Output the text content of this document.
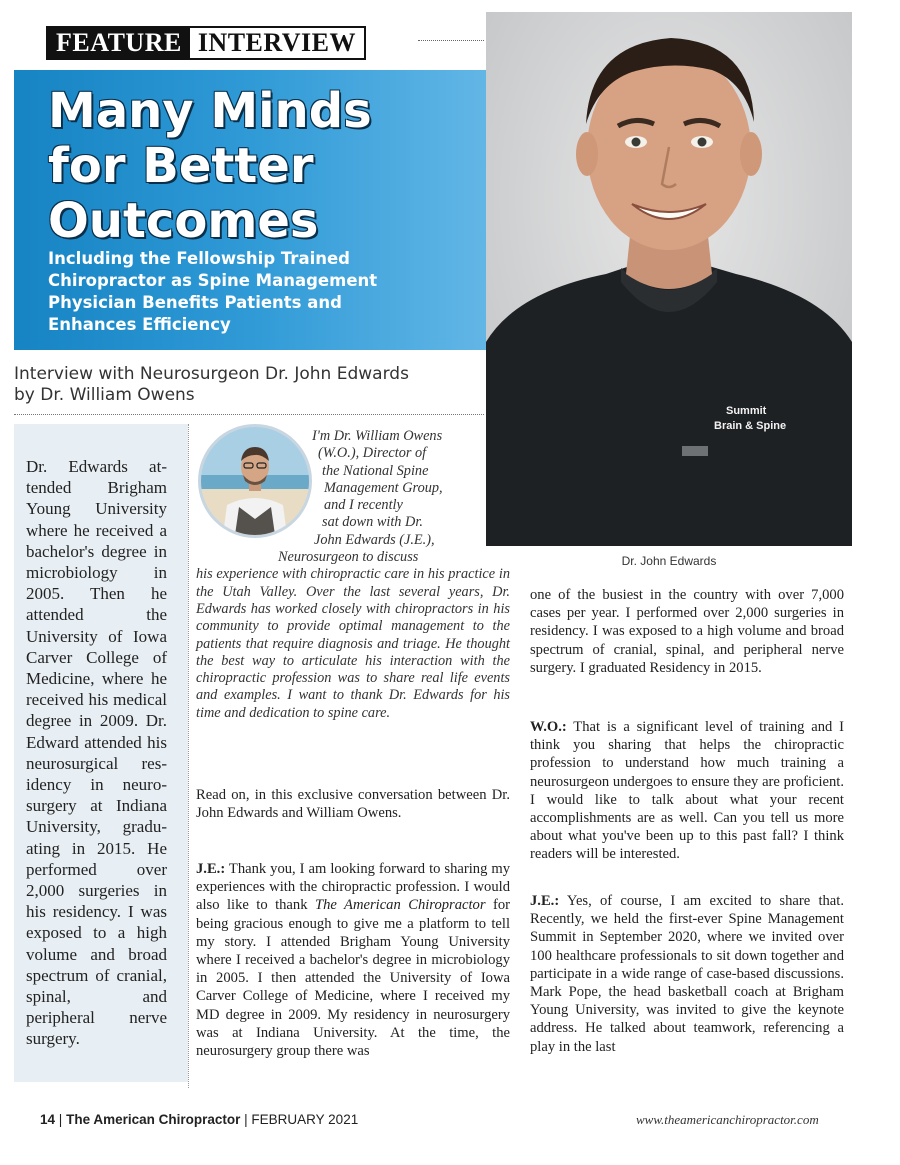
FEATURE INTERVIEW
Many Minds
for Better
Outcomes
Including the Fellowship Trained
Chiropractor as Spine Management
Physician Benefits Patients and
Enhances Efficiency
Summit
Brain & Spine
Dr. John Edwards
Interview with Neurosurgeon Dr. John Edwards
by Dr. William Owens
Dr. Edwards attended Brigham Young University where he received a bachelor's degree in microbiology in 2005. Then he attended the University of Iowa Carver College of Medicine, where he received his medical degree in 2009. Dr. Edward attended his neurosurgical residency in neurosurgery at Indiana University, graduating in 2015. He performed over 2,000 surgeries in his residency. I was exposed to a high volume and broad spectrum of cranial, spinal, and peripheral nerve surgery.
I'm Dr. William Owens
(W.O.), Director of
the National Spine
Management Group,
and I recently
sat down with Dr.
John Edwards (J.E.),
Neurosurgeon to discuss
his experience with chiropractic care in his practice in the Utah Valley. Over the last several years, Dr. Edwards has worked closely with chiropractors in his community to provide optimal management to the patients that require diagnosis and triage. He thought the best way to articulate his interaction with the chiropractic profession was to share real life events and examples. I want to thank Dr. Edwards for his time and dedication to spine care.

Read on, in this exclusive conversation between Dr. John Edwards and William Owens.

J.E.: Thank you, I am looking forward to sharing my experiences with the chiropractic profession. I would also like to thank The American Chiropractor for being gracious enough to give me a platform to tell my story. I attended Brigham Young University where I received a bachelor's degree in microbiology in 2005. I then attended the University of Iowa Carver College of Medicine, where I received my MD degree in 2009. My residency in neurosurgery was at Indiana University. At the time, the neurosurgery group there was

one of the busiest in the country with over 7,000 cases per year. I performed over 2,000 surgeries in residency. I was exposed to a high volume and broad spectrum of cranial, spinal, and peripheral nerve surgery. I graduated Residency in 2015.

W.O.: That is a significant level of training and I think you sharing that helps the chiropractic profession to understand how much training a neurosurgeon undergoes to ensure they are proficient. I would like to talk about what your recent accomplishments are as well. Can you tell us more about what you've been up to this past fall? I think readers will be interested.

J.E.: Yes, of course, I am excited to share that. Recently, we held the first-ever Spine Management Summit in September 2020, where we invited over 100 healthcare professionals to sit down together and participate in a wide range of case-based discussions. Mark Pope, the head basketball coach at Brigham Young University, was invited to give the keynote address. He talked about teamwork, referencing a play in the last

14 | The American Chiropractor | FEBRUARY 2021	www.theamericanchiropractor.com
